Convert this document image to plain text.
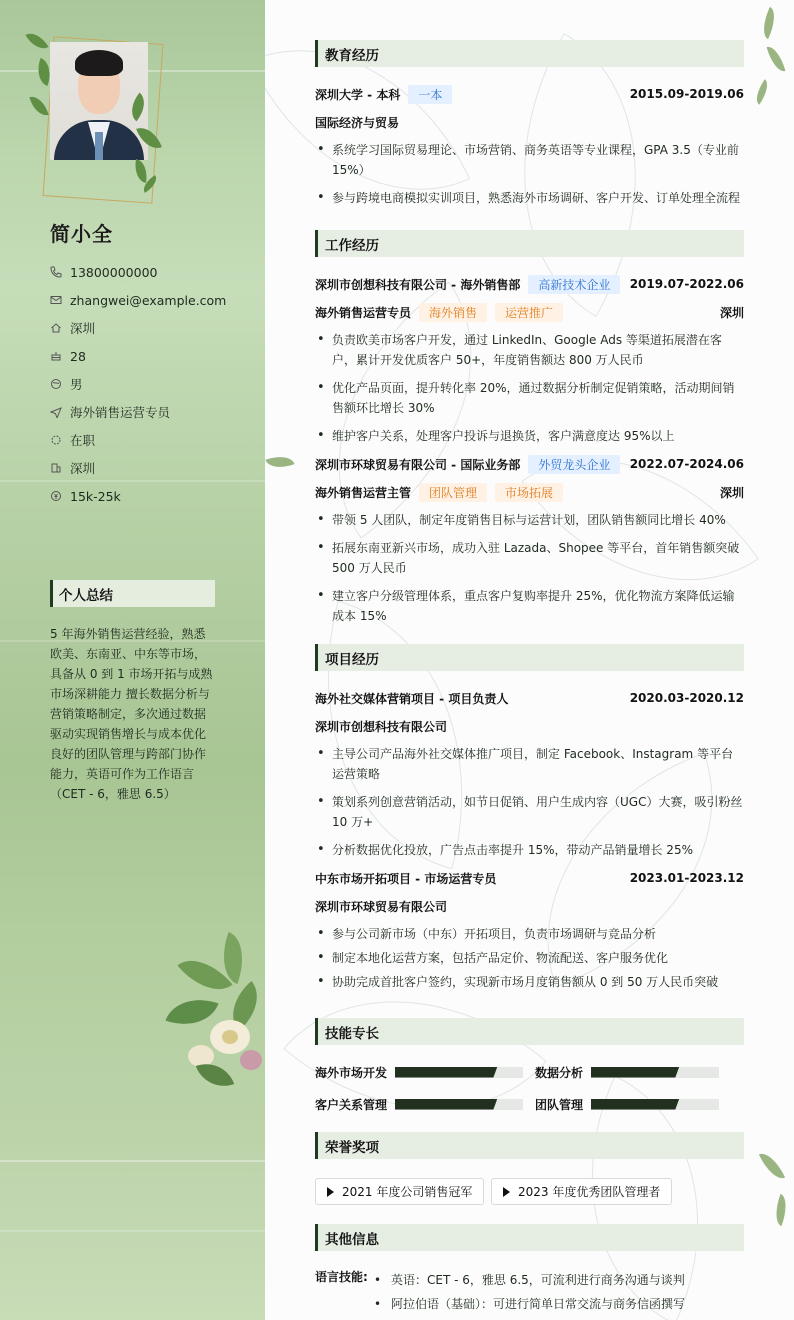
简小全
13800000000
zhangwei@example.com
深圳
28
男
海外销售运营专员
在职
深圳
15k-25k
个人总结
5 年海外销售运营经验，熟悉欧美、东南亚、中东等市场，具备从 0 到 1 市场开拓与成熟市场深耕能力 擅长数据分析与营销策略制定，多次通过数据驱动实现销售增长与成本优化良好的团队管理与跨部门协作能力，英语可作为工作语言（CET - 6，雅思 6.5）
教育经历
深圳大学 - 本科	一本	2015.09-2019.06
国际经济与贸易
• 系统学习国际贸易理论、市场营销、商务英语等专业课程，GPA 3.5（专业前 15%）
• 参与跨境电商模拟实训项目，熟悉海外市场调研、客户开发、订单处理全流程
工作经历
深圳市创想科技有限公司 - 海外销售部	高新技术企业	2019.07-2022.06
海外销售运营专员	海外销售	运营推广	深圳
• 负责欧美市场客户开发，通过 LinkedIn、Google Ads 等渠道拓展潜在客户，累计开发优质客户 50+，年度销售额达 800 万人民币
• 优化产品页面，提升转化率 20%，通过数据分析制定促销策略，活动期间销售额环比增长 30%
• 维护客户关系，处理客户投诉与退换货，客户满意度达 95%以上
深圳市环球贸易有限公司 - 国际业务部	外贸龙头企业	2022.07-2024.06
海外销售运营主管	团队管理	市场拓展	深圳
• 带领 5 人团队，制定年度销售目标与运营计划，团队销售额同比增长 40%
• 拓展东南亚新兴市场，成功入驻 Lazada、Shopee 等平台，首年销售额突破 500 万人民币
• 建立客户分级管理体系，重点客户复购率提升 25%，优化物流方案降低运输成本 15%
项目经历
海外社交媒体营销项目 - 项目负责人	2020.03-2020.12
深圳市创想科技有限公司
• 主导公司产品海外社交媒体推广项目，制定 Facebook、Instagram 等平台运营策略
• 策划系列创意营销活动，如节日促销、用户生成内容（UGC）大赛，吸引粉丝 10 万+
• 分析数据优化投放，广告点击率提升 15%，带动产品销量增长 25%
中东市场开拓项目 - 市场运营专员	2023.01-2023.12
深圳市环球贸易有限公司
• 参与公司新市场（中东）开拓项目，负责市场调研与竞品分析
• 制定本地化运营方案，包括产品定价、物流配送、客户服务优化
• 协助完成首批客户签约，实现新市场月度销售额从 0 到 50 万人民币突破
技能专长
海外市场开发	数据分析
客户关系管理	团队管理
荣誉奖项
2021 年度公司销售冠军	2023 年度优秀团队管理者
其他信息
语言技能:
•	英语：CET - 6，雅思 6.5，可流利进行商务沟通与谈判
• 阿拉伯语（基础）：可进行简单日常交流与商务信函撰写
